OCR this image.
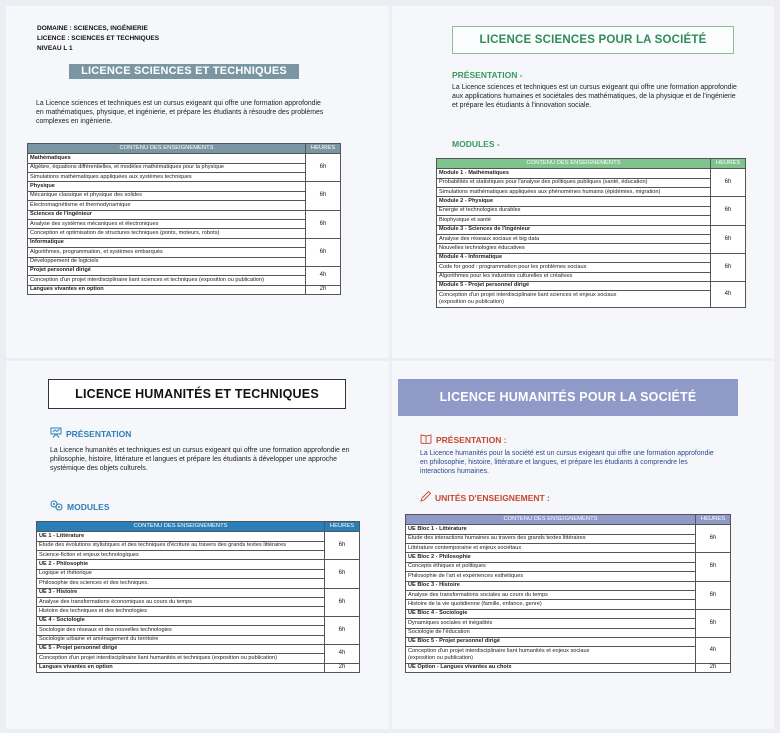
DOMAINE : SCIENCES, INGÉNIERIE
LICENCE : SCIENCES ET TECHNIQUES
NIVEAU L 1
LICENCE SCIENCES ET TECHNIQUES
La Licence sciences et techniques est un cursus exigeant qui offre une formation approfondie en mathématiques, physique, et ingénierie, et prépare les étudiants à résoudre des problèmes complexes en ingénierie.
CONTENU DES ENSEIGNEMENTS	HEURES
Mathématiques	6h
Algèbre, équations différentielles, et modèles mathématiques pour la physique	
Simulations mathématiques appliquées aux systèmes techniques	
Physique	6h
Mécanique classique et physique des solides	
Électromagnétisme et thermodynamique	
Sciences de l'ingénieur	6h
Analyse des systèmes mécaniques et électroniques	
Conception et optimisation de structures techniques (ponts, moteurs, robots)	
Informatique	6h
Algorithmes, programmation, et systèmes embarqués	
Développement de logiciels	
Projet personnel dirigé	4h
Conception d'un projet interdisciplinaire liant sciences et techniques (exposition ou publication)	
Langues vivantes en option	2h
LICENCE SCIENCES POUR LA SOCIÉTÉ
PRÉSENTATION -
La Licence sciences et techniques est un cursus exigeant qui offre une formation approfondie aux applications humaines et sociétales des mathématiques, de la physique et de l'ingénierie et prépare les étudiants à l'innovation sociale.
MODULES -
CONTENU DES ENSEIGNEMENTS	HEURES
Module 1 - Mathématiques	6h
Probabilités et statistiques pour l'analyse des politiques publiques (santé, éducation)	
Simulations mathématiques appliquées aux phénomènes humains (épidémies, migration)	
Module 2 - Physique	6h
Energie et technologies durables	
Biophysique et santé	
Module 3 - Sciences de l'ingénieur	6h
Analyse des réseaux sociaux et big data	
Nouvelles technologies éducatives	
Module 4 - Informatique	6h
Code for good : programmation pour les problèmes sociaux	
Algorithmes pour les industries culturelles et créatives	
Module 5 - Projet personnel dirigé	4h
Conception d'un projet interdisciplinaire liant sciences et enjeux sociaux
(exposition ou publication)	
LICENCE HUMANITÉS ET TECHNIQUES
PRÉSENTATION
La Licence humanités et techniques est un cursus exigeant qui offre une formation approfondie en philosophie, histoire, littérature et langues et prépare les étudiants à développer une approche systémique des objets culturels.
MODULES
CONTENU DES ENSEIGNEMENTS	HEURES
UE 1 - Littérature	6h
Étude des évolutions stylistiques et des techniques d'écriture au travers des grands textes littéraires	
Science-fiction et enjeux technologiques	
UE 2 - Philosophie	6h
Logique et rhétorique	
Philosophie des sciences et des techniques.	
UE 3 - Histoire	6h
Analyse des transformations économiques au cours du temps	
Histoire des techniques et des technologies	
UE 4 - Sociologie	6h
Sociologie des réseaux et des nouvelles technologies	
Sociologie urbaine et aménagement du territoire	
UE 5 - Projet personnel dirigé	4h
Conception d'un projet interdisciplinaire liant humanités et techniques (exposition ou publication)	
Langues vivantes en option	2h
LICENCE HUMANITÉS POUR LA SOCIÉTÉ
PRÉSENTATION :
La Licence humanités pour la société est un cursus exigeant qui offre une formation approfondie en philosophie, histoire, littérature et langues, et prépare les étudiants à comprendre les interactions humaines.
UNITÉS D'ENSEIGNEMENT :
CONTENU DES ENSEIGNEMENTS	HEURES
UE Bloc 1 - Littérature	6h
Étude des interactions humaines au travers des grands textes littéraires	
Littérature contemporaine et enjeux sociétaux	
UE Bloc 2 - Philosophie	6h
Concepts éthiques et politiques	
Philosophie de l'art et expériences esthétiques	
UE Bloc 3 - Histoire	6h
Analyse des transformations sociales au cours du temps	
Histoire de la vie quotidienne (famille, enfance, genre)	
UE Bloc 4 - Sociologie	6h
Dynamiques sociales et inégalités	
Sociologie de l'éducation	
UE Bloc 5 - Projet personnel dirigé	4h
Conception d'un projet interdisciplinaire liant humanités et enjeux sociaux
(exposition ou publication)	
UE Option - Langues vivantes au choix	2h
